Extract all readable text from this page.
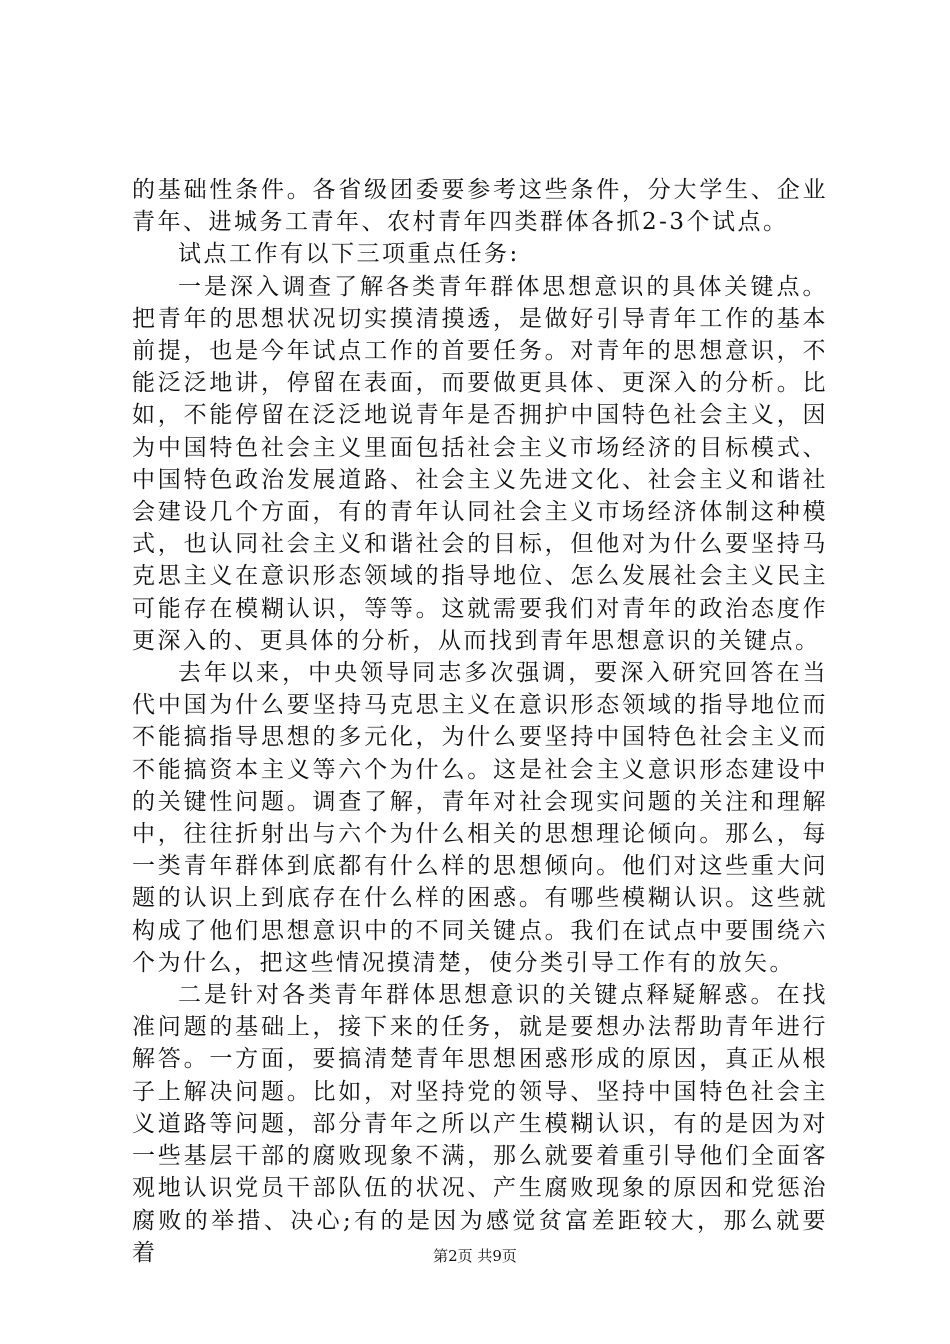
的基础性条件。各省级团委要参考这些条件，分大学生、企业青年、进城务工青年、农村青年四类群体各抓2-3个试点。

试点工作有以下三项重点任务:

一是深入调查了解各类青年群体思想意识的具体关键点。把青年的思想状况切实摸清摸透，是做好引导青年工作的基本前提，也是今年试点工作的首要任务。对青年的思想意识，不能泛泛地讲，停留在表面，而要做更具体、更深入的分析。比如，不能停留在泛泛地说青年是否拥护中国特色社会主义，因为中国特色社会主义里面包括社会主义市场经济的目标模式、中国特色政治发展道路、社会主义先进文化、社会主义和谐社会建设几个方面，有的青年认同社会主义市场经济体制这种模式，也认同社会主义和谐社会的目标，但他对为什么要坚持马克思主义在意识形态领域的指导地位、怎么发展社会主义民主可能存在模糊认识，等等。这就需要我们对青年的政治态度作更深入的、更具体的分析，从而找到青年思想意识的关键点。

去年以来，中央领导同志多次强调，要深入研究回答在当代中国为什么要坚持马克思主义在意识形态领域的指导地位而不能搞指导思想的多元化，为什么要坚持中国特色社会主义而不能搞资本主义等六个为什么。这是社会主义意识形态建设中的关键性问题。调查了解，青年对社会现实问题的关注和理解中，往往折射出与六个为什么相关的思想理论倾向。那么，每一类青年群体到底都有什么样的思想倾向。他们对这些重大问题的认识上到底存在什么样的困惑。有哪些模糊认识。这些就构成了他们思想意识中的不同关键点。我们在试点中要围绕六个为什么，把这些情况摸清楚，使分类引导工作有的放矢。

二是针对各类青年群体思想意识的关键点释疑解惑。在找准问题的基础上，接下来的任务，就是要想办法帮助青年进行解答。一方面，要搞清楚青年思想困惑形成的原因，真正从根子上解决问题。比如，对坚持党的领导、坚持中国特色社会主义道路等问题，部分青年之所以产生模糊认识，有的是因为对一些基层干部的腐败现象不满，那么就要着重引导他们全面客观地认识党员干部队伍的状况、产生腐败现象的原因和党惩治腐败的举措、决心;有的是因为感觉贫富差距较大，那么就要着	第2页 共9页
